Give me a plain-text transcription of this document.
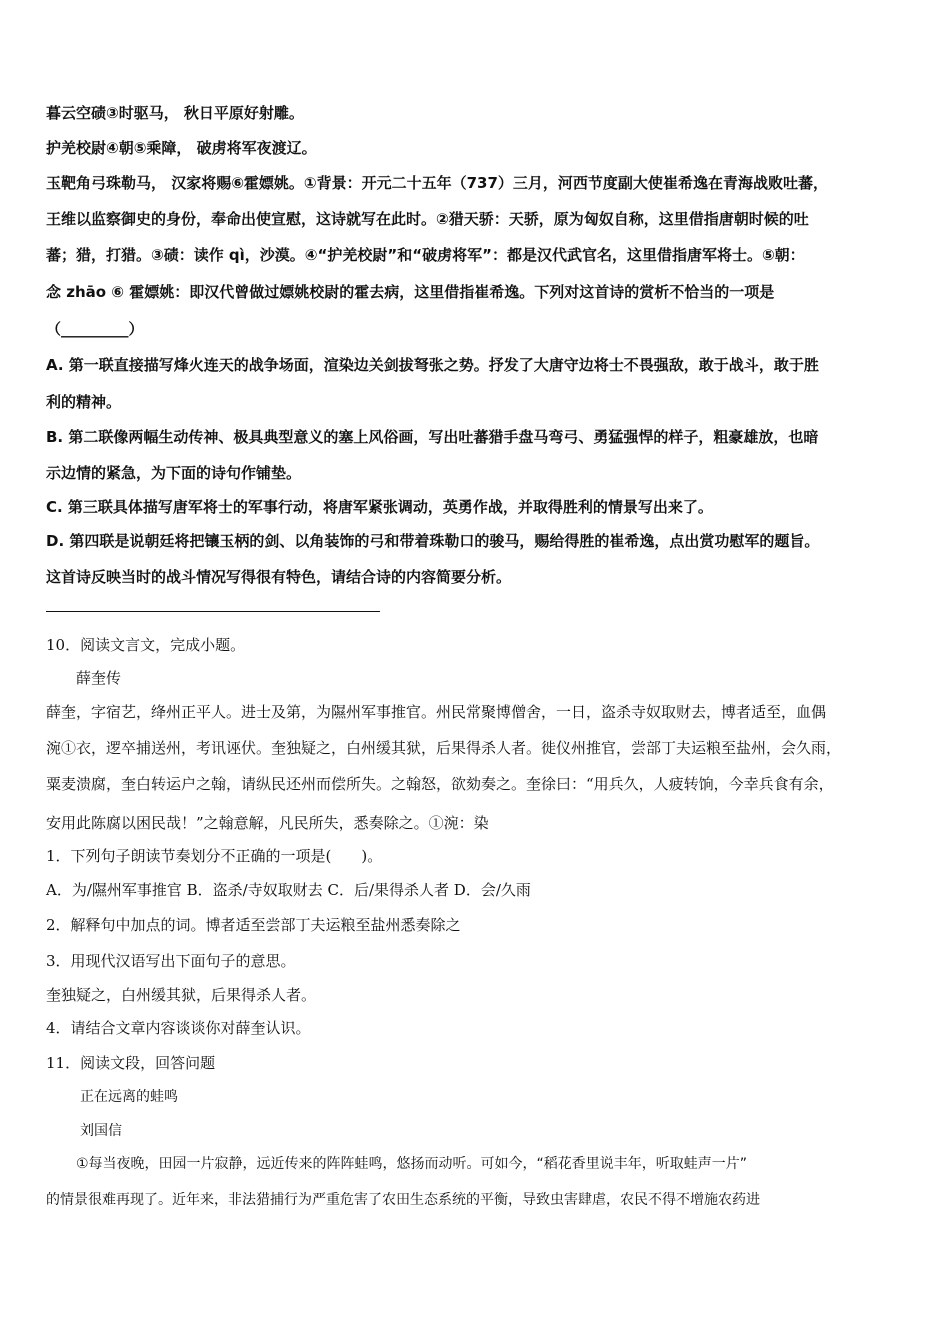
暮云空碛③时驱马， 秋日平原好射雕。
护羌校尉④朝⑤乘障， 破虏将军夜渡辽。
玉靶角弓珠勒马， 汉家将赐⑥霍嫖姚。①背景：开元二十五年（737）三月，河西节度副大使崔希逸在青海战败吐蕃，
王维以监察御史的身份，奉命出使宣慰，这诗就写在此时。②猎天骄：天骄，原为匈奴自称，这里借指唐朝时候的吐
蕃；猎，打猎。③碛：读作 qì，沙漠。④“护羌校尉”和“破虏将军”：都是汉代武官名，这里借指唐军将士。⑤朝：
念 zhāo ⑥ 霍嫖姚：即汉代曾做过嫖姚校尉的霍去病，这里借指崔希逸。下列对这首诗的赏析不恰当的一项是
（_________）
A. 第一联直接描写烽火连天的战争场面，渲染边关剑拔弩张之势。抒发了大唐守边将士不畏强敌，敢于战斗，敢于胜
利的精神。
B. 第二联像两幅生动传神、极具典型意义的塞上风俗画，写出吐蕃猎手盘马弯弓、勇猛强悍的样子，粗豪雄放，也暗
示边情的紧急，为下面的诗句作铺垫。
C. 第三联具体描写唐军将士的军事行动，将唐军紧张调动，英勇作战，并取得胜利的情景写出来了。
D. 第四联是说朝廷将把镶玉柄的剑、以角装饰的弓和带着珠勒口的骏马，赐给得胜的崔希逸，点出赏功慰军的题旨。
这首诗反映当时的战斗情况写得很有特色，请结合诗的内容简要分析。
10．阅读文言文，完成小题。
薛奎传
薛奎，字宿艺，绛州正平人。进士及第，为隰州军事推官。州民常聚博僧舍，一日，盗杀寺奴取财去，博者适至，血偶
涴①衣，逻卒捕送州，考讯诬伏。奎独疑之，白州缓其狱，后果得杀人者。徙仪州推官，尝部丁夫运粮至盐州，会久雨，
粟麦溃腐，奎白转运户之翰，请纵民还州而偿所失。之翰怒，欲劾奏之。奎徐曰：“用兵久，人疲转饷，今幸兵食有余，
安用此陈腐以困民哉！”之翰意解，凡民所失，悉奏除之。①涴：染
1．下列句子朗读节奏划分不正确的一项是(　　)。
A．为/隰州军事推官 B．盗杀/寺奴取财去 C．后/果得杀人者 D．会/久雨
2．解释句中加点的词。博者适至尝部丁夫运粮至盐州悉奏除之
3．用现代汉语写出下面句子的意思。
奎独疑之，白州缓其狱，后果得杀人者。
4．请结合文章内容谈谈你对薛奎认识。
11．阅读文段，回答问题
正在远离的蛙鸣
刘国信
①每当夜晚，田园一片寂静，远近传来的阵阵蛙鸣，悠扬而动听。可如今，“稻花香里说丰年，听取蛙声一片”
的情景很难再现了。近年来，非法猎捕行为严重危害了农田生态系统的平衡，导致虫害肆虐，农民不得不增施农药进
